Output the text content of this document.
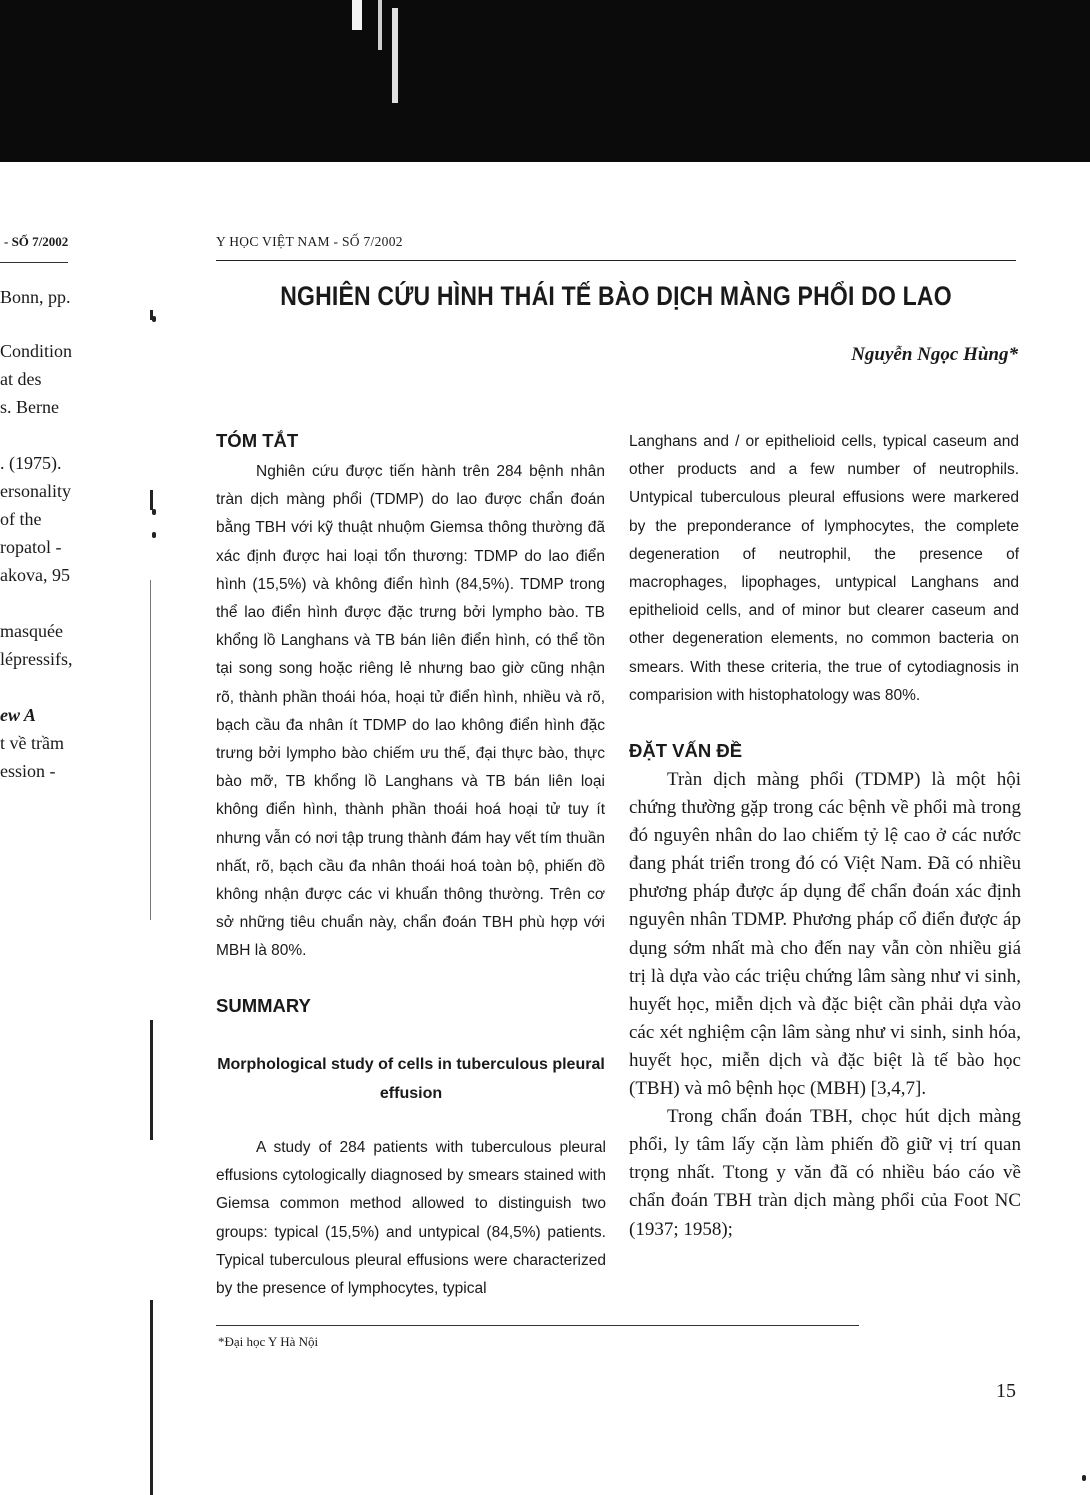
- SỐ 7/2002
Bonn, pp.
Condition
at des
s. Berne
. (1975).
ersonality
of the
ropatol -
akova, 95
masquée
lépressifs,
ew A
t về trầm
ession -
Y HỌC VIỆT NAM - SỐ 7/2002
NGHIÊN CỨU HÌNH THÁI TẾ BÀO DỊCH MÀNG PHỔI DO LAO
Nguyễn Ngọc Hùng*
TÓM TẮT

Nghiên cứu được tiến hành trên 284 bệnh nhân tràn dịch màng phổi (TDMP) do lao được chẩn đoán bằng TBH với kỹ thuật nhuộm Giemsa thông thường đã xác định được hai loại tổn thương: TDMP do lao điển hình (15,5%) và không điển hình (84,5%). TDMP trong thể lao điển hình được đặc trưng bởi lympho bào. TB khổng lồ Langhans và TB bán liên điển hình, có thể tồn tại song song hoặc riêng lẻ nhưng bao giờ cũng nhận rõ, thành phần thoái hóa, hoại tử điển hình, nhiều và rõ, bạch cầu đa nhân ít TDMP do lao không điển hình đặc trưng bởi lympho bào chiếm ưu thế, đại thực bào, thực bào mỡ, TB khổng lồ Langhans và TB bán liên loại không điển hình, thành phần thoái hoá hoại tử tuy ít nhưng vẫn có nơi tập trung thành đám hay vết tím thuần nhất, rõ, bạch cầu đa nhân thoái hoá toàn bộ, phiến đồ không nhận được các vi khuẩn thông thường. Trên cơ sở những tiêu chuẩn này, chẩn đoán TBH phù hợp với MBH là 80%.

SUMMARY
Morphological study of cells in tuberculous pleural effusion

A study of 284 patients with tuberculous pleural effusions cytologically diagnosed by smears stained with Giemsa common method allowed to distinguish two groups: typical (15,5%) and untypical (84,5%) patients. Typical tuberculous pleural effusions were characterized by the presence of lymphocytes, typical

Langhans and / or epithelioid cells, typical caseum and other products and a few number of neutrophils. Untypical tuberculous pleural effusions were markered by the preponderance of lymphocytes, the complete degeneration of neutrophil, the presence of macrophages, lipophages, untypical Langhans and epithelioid cells, and of minor but clearer caseum and other degeneration elements, no common bacteria on smears. With these criteria, the true of cytodiagnosis in comparision with histophatology was 80%.

ĐẶT VẤN ĐỀ

Tràn dịch màng phổi (TDMP) là một hội chứng thường gặp trong các bệnh về phổi mà trong đó nguyên nhân do lao chiếm tỷ lệ cao ở các nước đang phát triển trong đó có Việt Nam. Đã có nhiều phương pháp được áp dụng để chẩn đoán xác định nguyên nhân TDMP. Phương pháp cổ điển được áp dụng sớm nhất mà cho đến nay vẫn còn nhiều giá trị là dựa vào các triệu chứng lâm sàng như vi sinh, huyết học, miễn dịch và đặc biệt cần phải dựa vào các xét nghiệm cận lâm sàng như vi sinh, sinh hóa, huyết học, miễn dịch và đặc biệt là tế bào học (TBH) và mô bệnh học (MBH) [3,4,7].

Trong chẩn đoán TBH, chọc hút dịch màng phổi, ly tâm lấy cặn làm phiến đồ giữ vị trí quan trọng nhất. Ttong y văn đã có nhiều báo cáo về chẩn đoán TBH tràn dịch màng phổi của Foot NC (1937; 1958);

*Đại học Y Hà Nội
15
